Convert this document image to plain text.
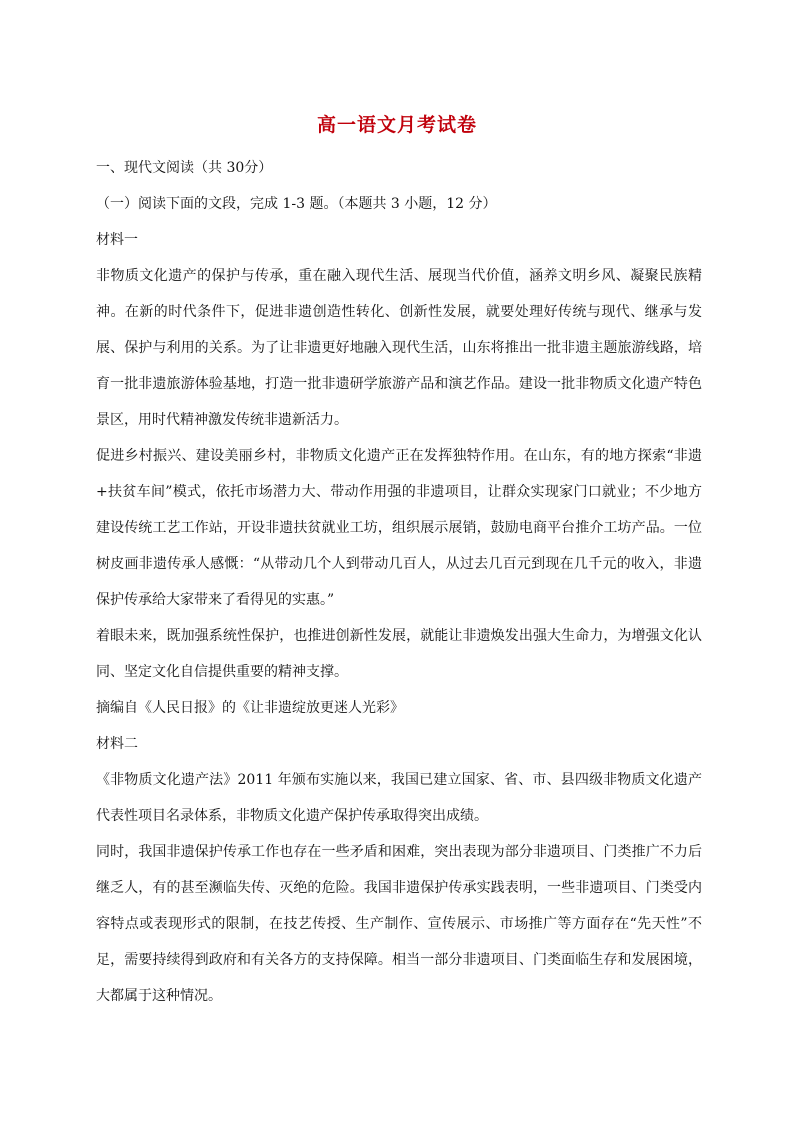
高一语文月考试卷

一、现代文阅读（共 30分）

（一）阅读下面的文段，完成 1-3 题。（本题共 3 小题，12 分）

材料一

非物质文化遗产的保护与传承，重在融入现代生活、展现当代价值，涵养文明乡风、凝聚民族精神。在新的时代条件下，促进非遗创造性转化、创新性发展，就要处理好传统与现代、继承与发展、保护与利用的关系。为了让非遗更好地融入现代生活，山东将推出一批非遗主题旅游线路，培育一批非遗旅游体验基地，打造一批非遗研学旅游产品和演艺作品。建设一批非物质文化遗产特色景区，用时代精神激发传统非遗新活力。

促进乡村振兴、建设美丽乡村，非物质文化遗产正在发挥独特作用。在山东，有的地方探索“非遗+扶贫车间”模式，依托市场潜力大、带动作用强的非遗项目，让群众实现家门口就业；不少地方建设传统工艺工作站，开设非遗扶贫就业工坊，组织展示展销，鼓励电商平台推介工坊产品。一位树皮画非遗传承人感慨：“从带动几个人到带动几百人，从过去几百元到现在几千元的收入，非遗保护传承给大家带来了看得见的实惠。”

着眼未来，既加强系统性保护，也推进创新性发展，就能让非遗焕发出强大生命力，为增强文化认同、坚定文化自信提供重要的精神支撑。

摘编自《人民日报》的《让非遗绽放更迷人光彩》

材料二

《非物质文化遗产法》2011 年颁布实施以来，我国已建立国家、省、市、县四级非物质文化遗产代表性项目名录体系，非物质文化遗产保护传承取得突出成绩。

同时，我国非遗保护传承工作也存在一些矛盾和困难，突出表现为部分非遗项目、门类推广不力后继乏人，有的甚至濒临失传、灭绝的危险。我国非遗保护传承实践表明，一些非遗项目、门类受内容特点或表现形式的限制，在技艺传授、生产制作、宣传展示、市场推广等方面存在“先天性”不足，需要持续得到政府和有关各方的支持保障。相当一部分非遗项目、门类面临生存和发展困境，大都属于这种情况。
